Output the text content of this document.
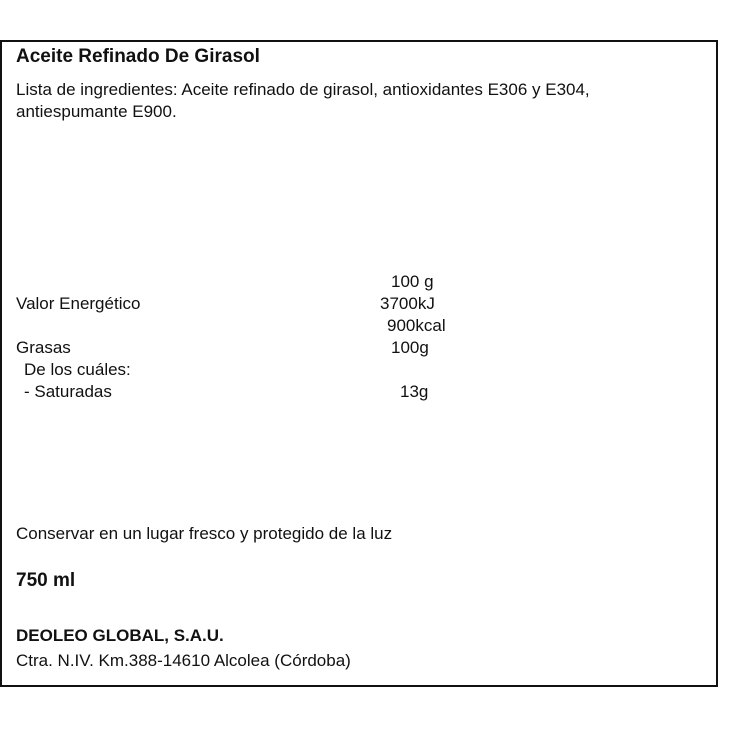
Aceite Refinado De Girasol
Lista de ingredientes: Aceite refinado de girasol, antioxidantes E306 y E304,
antiespumante E900.
100 g
Valor Energético	3700kJ
900kcal
Grasas	100g
De los cuáles:
- Saturadas	13g
Conservar en un lugar fresco y protegido de la luz
750 ml
DEOLEO GLOBAL, S.A.U.
Ctra. N.IV. Km.388-14610 Alcolea (Córdoba)
